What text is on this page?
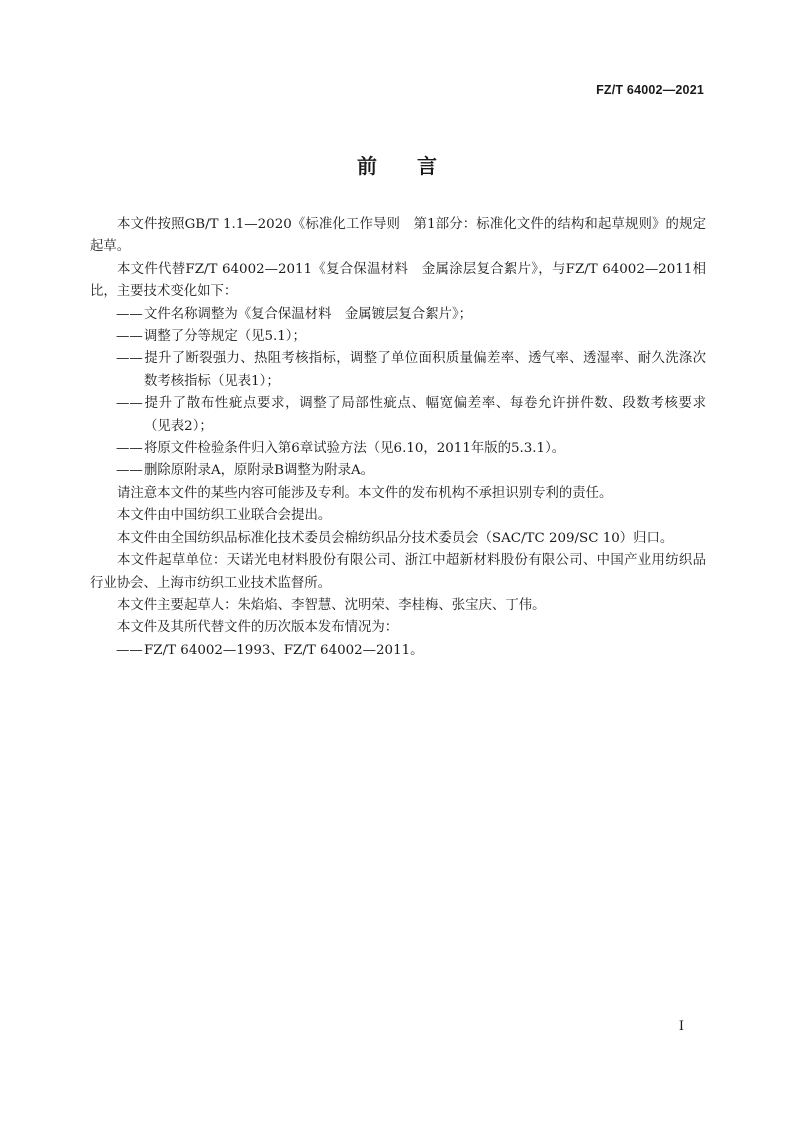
FZ/T 64002—2021
前 言

本文件按照GB/T 1.1—2020《标准化工作导则　第1部分：标准化文件的结构和起草规则》的规定起草。

本文件代替FZ/T 64002—2011《复合保温材料　金属涂层复合絮片》，与FZ/T 64002—2011相比，主要技术变化如下：

——文件名称调整为《复合保温材料　金属镀层复合絮片》；

——调整了分等规定（见5.1）；

——提升了断裂强力、热阻考核指标，调整了单位面积质量偏差率、透气率、透湿率、耐久洗涤次数考核指标（见表1）；

——提升了散布性疵点要求，调整了局部性疵点、幅宽偏差率、每卷允许拼件数、段数考核要求（见表2）；

——将原文件检验条件归入第6章试验方法（见6.10，2011年版的5.3.1）。

——删除原附录A，原附录B调整为附录A。

请注意本文件的某些内容可能涉及专利。本文件的发布机构不承担识别专利的责任。

本文件由中国纺织工业联合会提出。

本文件由全国纺织品标准化技术委员会棉纺织品分技术委员会（SAC/TC 209/SC 10）归口。

本文件起草单位：天诺光电材料股份有限公司、浙江中超新材料股份有限公司、中国产业用纺织品行业协会、上海市纺织工业技术监督所。

本文件主要起草人：朱焰焰、李智慧、沈明荣、李桂梅、张宝庆、丁伟。

本文件及其所代替文件的历次版本发布情况为：

——FZ/T 64002—1993、FZ/T 64002—2011。

I
